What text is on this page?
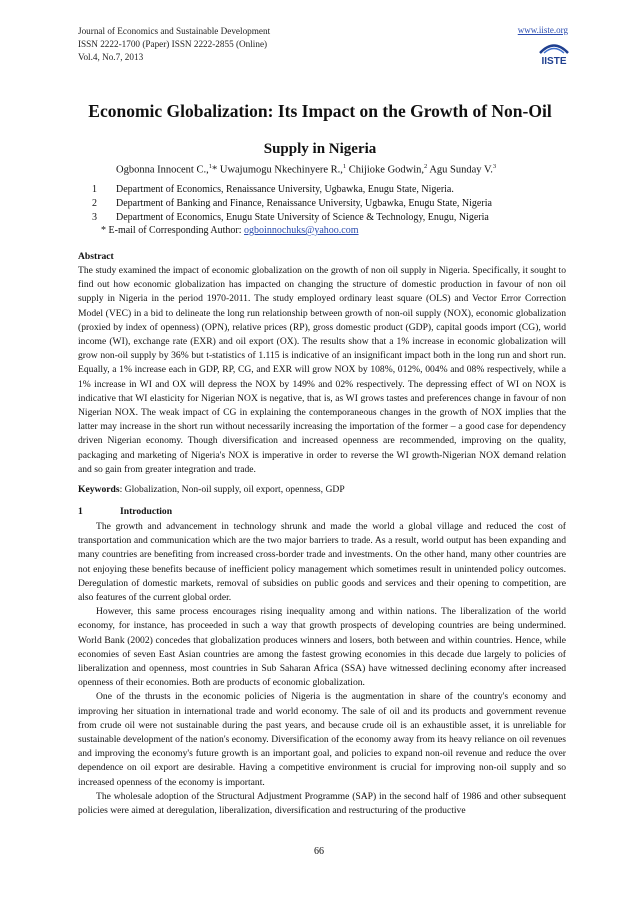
Journal of Economics and Sustainable Development
ISSN 2222-1700 (Paper) ISSN 2222-2855 (Online)
Vol.4, No.7, 2013
www.iiste.org
IISTE
Economic Globalization: Its Impact on the Growth of Non-Oil
Supply in Nigeria
Ogbonna Innocent C.,$^1$* Uwajumogu Nkechinyere R.,$^1$ Chijioke Godwin,$^2$ Agu Sunday V.$^3$
1 Department of Economics, Renaissance University, Ugbawka, Enugu State, Nigeria.
2 Department of Banking and Finance, Renaissance University, Ugbawka, Enugu State, Nigeria
3 Department of Economics, Enugu State University of Science & Technology, Enugu, Nigeria
* E-mail of Corresponding Author: ogboinnochuks@yahoo.com
Abstract
The study examined the impact of economic globalization on the growth of non oil supply in Nigeria. Specifically, it sought to find out how economic globalization has impacted on changing the structure of domestic production in favour of non oil supply in Nigeria in the period 1970-2011. The study employed ordinary least square (OLS) and Vector Error Correction Model (VEC) in a bid to delineate the long run relationship between growth of non-oil supply (NOX), economic globalization (proxied by index of openness) (OPN), relative prices (RP), gross domestic product (GDP), capital goods import (CG), world income (WI), exchange rate (EXR) and oil export (OX). The results show that a 1% increase in economic globalization will grow non-oil supply by 36% but t-statistics of 1.115 is indicative of an insignificant impact both in the long run and short run. Equally, a 1% increase each in GDP, RP, CG, and EXR will grow NOX by 108%, 012%, 004% and 08% respectively, while a 1% increase in WI and OX will depress the NOX by 149% and 02% respectively. The depressing effect of WI on NOX is indicative that WI elasticity for Nigerian NOX is negative, that is, as WI grows tastes and preferences change in favour of non Nigerian NOX. The weak impact of CG in explaining the contemporaneous changes in the growth of NOX implies that the latter may increase in the short run without necessarily increasing the importation of the former – a good case for dependency driven Nigerian economy. Though diversification and increased openness are recommended, improving on the quality, packaging and marketing of Nigeria's NOX is imperative in order to reverse the WI growth-Nigerian NOX demand relation and so gain from greater integration and trade.
Keywords: Globalization, Non-oil supply, oil export, openness, GDP
1	Introduction

The growth and advancement in technology shrunk and made the world a global village and reduced the cost of transportation and communication which are the two major barriers to trade. As a result, world output has been expanding and many countries are benefiting from increased cross-border trade and investments. On the other hand, many other countries are not enjoying these benefits because of inefficient policy management which sometimes result in unintended policy outcomes. Deregulation of domestic markets, removal of subsidies on public goods and services and their opening to competition, are also features of the current global order.

However, this same process encourages rising inequality among and within nations. The liberalization of the world economy, for instance, has proceeded in such a way that growth prospects of developing countries are being undermined. World Bank (2002) concedes that globalization produces winners and losers, both between and within countries. Hence, while economies of seven East Asian countries are among the fastest growing economies in this decade due largely to policies of liberalization and openness, most countries in Sub Saharan Africa (SSA) have witnessed declining economy after increased openness of their economies. Both are products of economic globalization.

One of the thrusts in the economic policies of Nigeria is the augmentation in share of the country's economy and improving her situation in international trade and world economy. The sale of oil and its products and government revenue from crude oil were not sustainable during the past years, and because crude oil is an exhaustible asset, it is unreliable for sustainable development of the nation's economy. Diversification of the economy away from its heavy reliance on oil revenues and improving the economy's future growth is an important goal, and policies to expand non-oil revenue and reduce the over dependence on oil export are desirable. Having a competitive environment is crucial for improving non-oil supply and so increased openness of the economy is important.

The wholesale adoption of the Structural Adjustment Programme (SAP) in the second half of 1986 and other subsequent policies were aimed at deregulation, liberalization, diversification and restructuring of the productive

66
